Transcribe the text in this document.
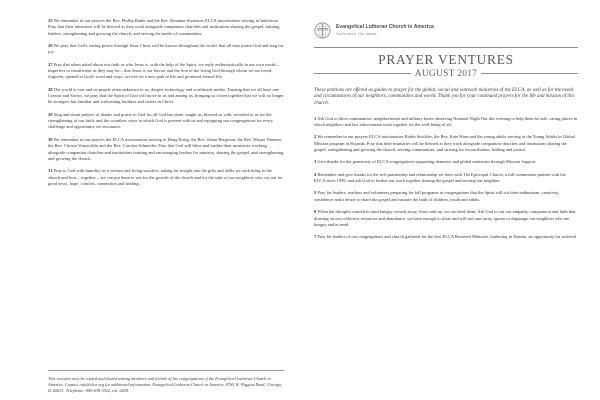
25 We remember in our prayers the Rev. Phillip Baker and the Rev. Rosanne Swanson, ELCA missionaries serving in Indonesia. Pray that their ministries will be blessed as they work alongside companion churches and institutions sharing the gospel, training leaders, strengthening and growing the church, and serving the needs of communities.

26 We pray that God's saving power through Jesus Christ will be known throughout the world, that all may praise God and sing for joy.

27 Pray that when asked about our faith or who Jesus is, with the help of the Spirit, we reply enthusiastically in our own words – imperfect or insufficient as they may be – that Jesus is our Savior and the Son of the living God through whom we are loved, forgiven, opened to God's word and ways, set free on a new path in life and promised eternal life.

28 The world is vast and its people often unknown to us, despite technology and worldwide media. Trusting that we all have one Creator and Savior, we pray that the Spirit of God will move in us and among us, bringing us closer together that we will no longer be strangers but familiar and welcoming brothers and sisters in Christ.

29 Sing and shout prayers of thanks and praise to God for all God has done, taught us, blessed us with, revealed to us for the strengthening of our faith, and the countless ways in which God is present with us and equipping our congregations for every challenge and opportunity we encounter.

30 We remember in our prayers the ELCA missionaries serving in Hong Kong: the Rev. Jenna Bergeson, the Rev. Wayne Niemen, the Rev. Christa Vonzychlin and the Rev. Carolyn Schneider. Pray that God will bless and further their ministries working alongside companion churches and institutions training and encouraging leaders for ministry, sharing the gospel, and strengthening and growing the church.

31 Pray to God with humility as a servant and living sacrifice, asking for insight into the gifts and skills we each bring to the church and how – together – we can put them to use for the growth of the church and for the sake of our neighbors who cry out for good news, hope, comfort, connection and healing.

This resource may be copied and shared among members and friends of the congregations of the Evangelical Lutheran Church in America. Contact info@elca.org for additional information. Evangelical Lutheran Church in America, 8765 W. Higgins Road, Chicago, IL 60631. Telephone: 800-638-3522, ext. 2458.

Evangelical Lutheran Church in America
God's work. Our hands.
PRAYER VENTURES
AUGUST 2017

These petitions are offered as guides to prayer for the global, social and outreach ministries of the ELCA, as well as for the needs and circumstances of our neighbors, communities and world. Thank you for your continued prayers for the life and mission of this church.

1 Ask God to bless communities, neighborhoods and military bases observing National Night Out this evening to help them be safe, caring places in which neighbors and law enforcement work together for the well-being of all.

2 We remember in our prayers ELCA missionaries Robin Strickler, the Rev. Kate Warn and the young adults serving in the Young Adults in Global Mission program in Rwanda. Pray that their ministries will be blessed as they work alongside companion churches and institutions sharing the gospel, strengthening and growing the church, serving communities, and striving for reconciliation, healing and justice.

3 Give thanks for the generosity of ELCA congregations supporting domestic and global ministries through Mission Support.

4 Remember and give thanks for the rich partnership and relationship we have with The Episcopal Church, a full communion partner with the ELCA since 1999, and ask God to further our work together sharing the gospel and serving our neighbor.

5 Pray for leaders, teachers and volunteers preparing for fall programs in congregations that the Spirit will stir their enthusiasm, creativity, confidence and a desire to share the gospel and nurture the faith of children, youth and adults.

6 When the disciples wanted to send hungry crowds away, Jesus said no, we can feed them. Ask God to stir our empathy, compassion and faith that, drawing on our collective resources and abundance, we have enough to share and will not turn away, ignore or disparage our neighbors who are hungry and in need.

7 Pray for leaders of our congregations and church gathered for the first ELCA Rostered Ministers Gathering in Atlanta, an opportunity for rostered
